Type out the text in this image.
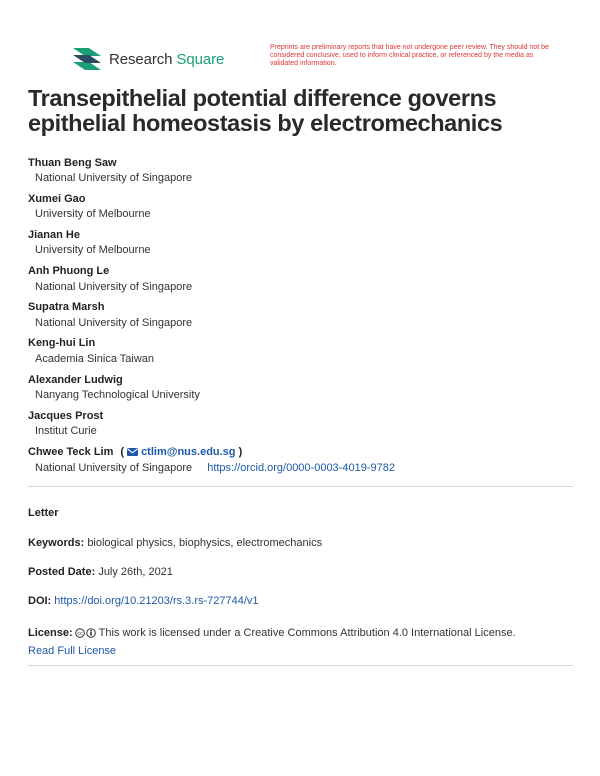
Research Square
Preprints are preliminary reports that have not undergone peer review. They should not be considered conclusive, used to inform clinical practice, or referenced by the media as validated information.
Transepithelial potential difference governs epithelial homeostasis by electromechanics
Thuan Beng Saw
National University of Singapore
Xumei Gao
University of Melbourne
Jianan He
University of Melbourne
Anh Phuong Le
National University of Singapore
Supatra Marsh
National University of Singapore
Keng-hui Lin
Academia Sinica Taiwan
Alexander Ludwig
Nanyang Technological University
Jacques Prost
Institut Curie
Chwee Teck Lim ( ctlim@nus.edu.sg )
National University of Singapore https://orcid.org/0000-0003-4019-9782
Letter
Keywords: biological physics, biophysics, electromechanics
Posted Date: July 26th, 2021
DOI: https://doi.org/10.21203/rs.3.rs-727744/v1
License: cc This work is licensed under a Creative Commons Attribution 4.0 International License.
Read Full License
